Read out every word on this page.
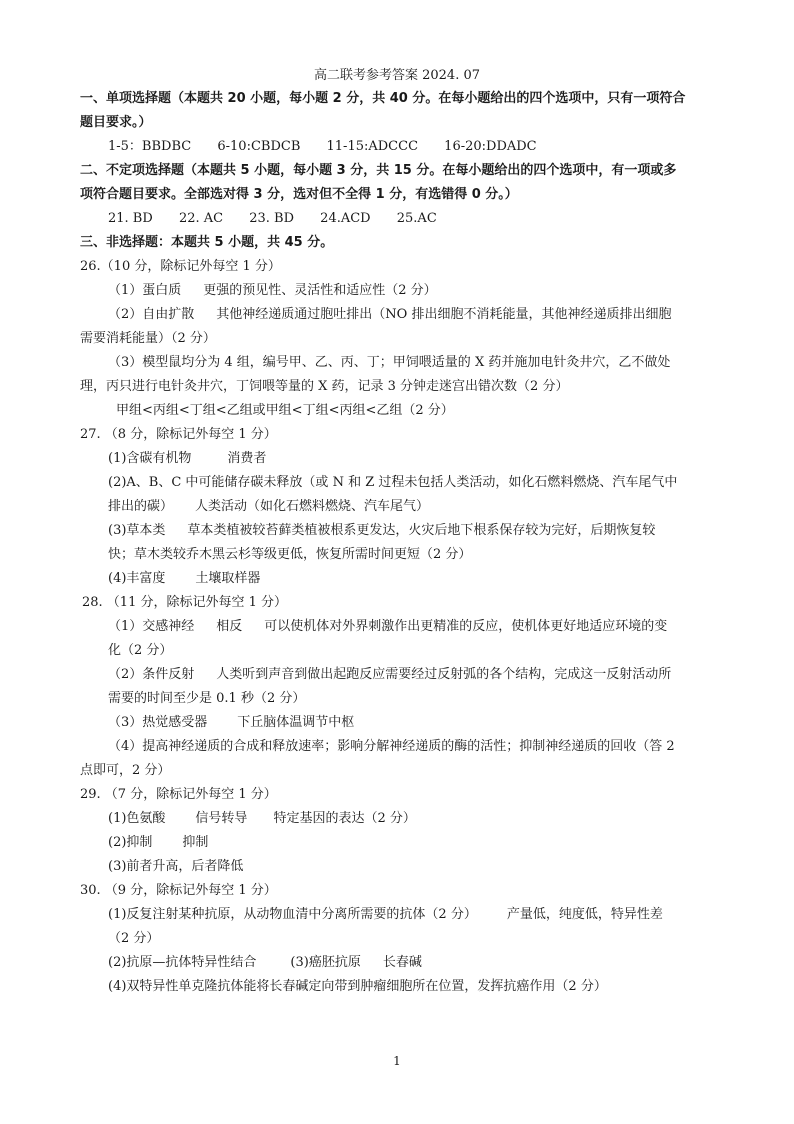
高二联考参考答案 2024. 07
一、单项选择题（本题共 20 小题，每小题 2 分，共 40 分。在每小题给出的四个选项中，只有一项符合
题目要求。）
1-5：BBDBC 6-10:CBDCB 11-15:ADCCC 16-20:DDADC
二、不定项选择题（本题共 5 小题，每小题 3 分，共 15 分。在每小题给出的四个选项中，有一项或多
项符合题目要求。全部选对得 3 分，选对但不全得 1 分，有选错得 0 分。）
21. BD 22. AC 23. BD 24.ACD 25.AC
三、非选择题：本题共 5 小题，共 45 分。
26.（10 分，除标记外每空 1 分）
（1）蛋白质 更强的预见性、灵活性和适应性（2 分）
（2）自由扩散 其他神经递质通过胞吐排出（NO 排出细胞不消耗能量，其他神经递质排出细胞
需要消耗能量）（2 分）
（3）模型鼠均分为 4 组，编号甲、乙、丙、丁；甲饲喂适量的 X 药并施加电针灸井穴，乙不做处
理，丙只进行电针灸井穴，丁饲喂等量的 X 药，记录 3 分钟走迷宫出错次数（2 分）
甲组<丙组<丁组<乙组或甲组<丁组<丙组<乙组（2 分）
27. （8 分，除标记外每空 1 分）
(1)含碳有机物	消费者
(2)A、B、C 中可能储存碳未释放（或 N 和 Z 过程未包括人类活动，如化石燃料燃烧、汽车尾气中
排出的碳） 人类活动（如化石燃料燃烧、汽车尾气）
(3)草本类 草本类植被较苔藓类植被根系更发达，火灾后地下根系保存较为完好，后期恢复较
快；草木类较乔木黑云杉等级更低，恢复所需时间更短（2 分）
(4)丰富度 土壤取样器
28. （11 分，除标记外每空 1 分）
（1）交感神经 相反 可以使机体对外界刺激作出更精准的反应，使机体更好地适应环境的变
化（2 分）
（2）条件反射 人类听到声音到做出起跑反应需要经过反射弧的各个结构，完成这一反射活动所
需要的时间至少是 0.1 秒（2 分）
（3）热觉感受器 下丘脑体温调节中枢
（4）提高神经递质的合成和释放速率；影响分解神经递质的酶的活性；抑制神经递质的回收（答 2
点即可，2 分）
29. （7 分，除标记外每空 1 分）
(1)色氨酸 信号转导 特定基因的表达（2 分）
(2)抑制 抑制
(3)前者升高，后者降低
30. （9 分，除标记外每空 1 分）
(1)反复注射某种抗原，从动物血清中分离所需要的抗体（2 分） 产量低，纯度低，特异性差
（2 分）
(2)抗原—抗体特异性结合	(3)癌胚抗原 长春碱
(4)双特异性单克隆抗体能将长春碱定向带到肿瘤细胞所在位置，发挥抗癌作用（2 分）
1
